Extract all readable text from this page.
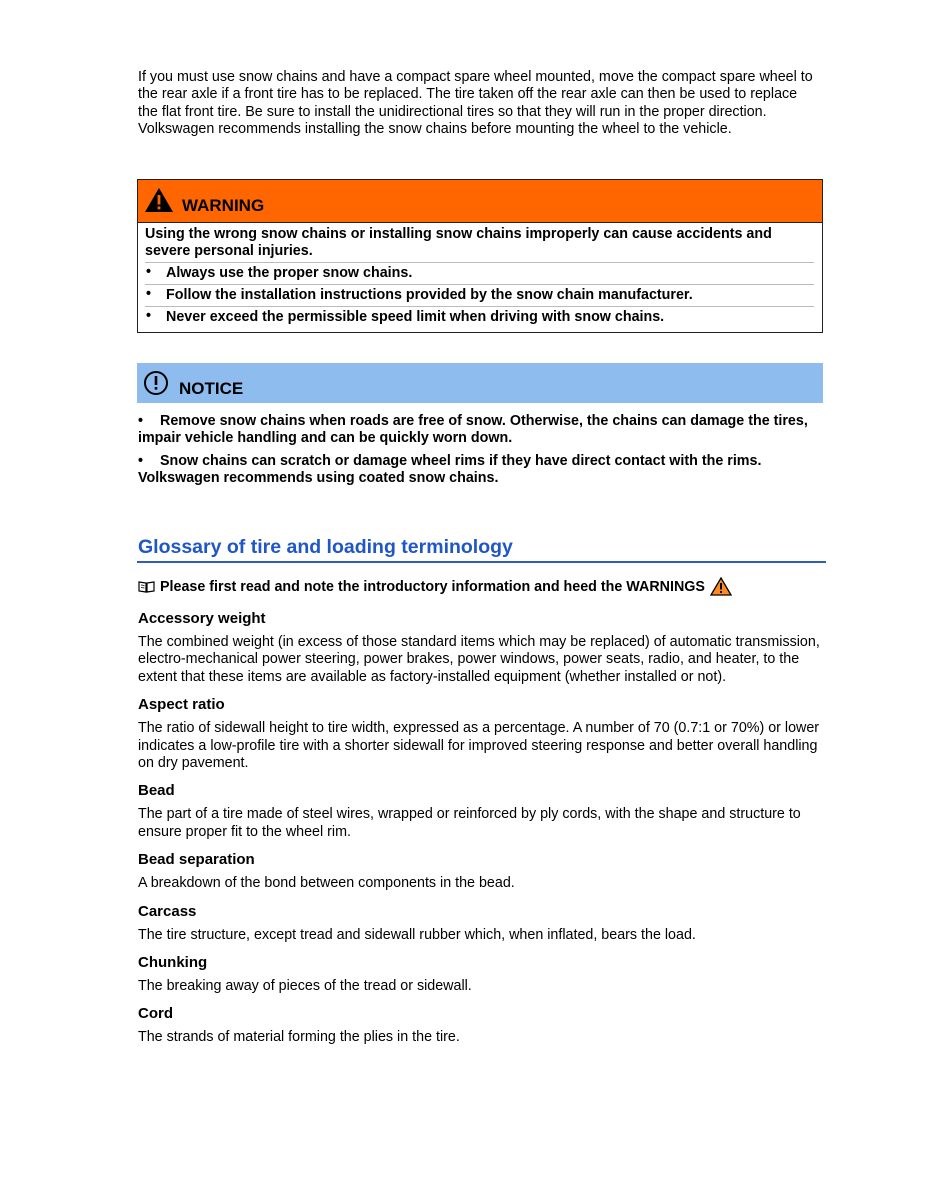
If you must use snow chains and have a compact spare wheel mounted, move the compact spare wheel to the rear axle if a front tire has to be replaced. The tire taken off the rear axle can then be used to replace the flat front tire. Be sure to install the unidirectional tires so that they will run in the proper direction. Volkswagen recommends installing the snow chains before mounting the wheel to the vehicle.
WARNING
Using the wrong snow chains or installing snow chains improperly can cause accidents and severe personal injuries.
• Always use the proper snow chains.
• Follow the installation instructions provided by the snow chain manufacturer.
• Never exceed the permissible speed limit when driving with snow chains.
NOTICE

• Remove snow chains when roads are free of snow. Otherwise, the chains can damage the tires, impair vehicle handling and can be quickly worn down.

• Snow chains can scratch or damage wheel rims if they have direct contact with the rims. Volkswagen recommends using coated snow chains.

Glossary of tire and loading terminology
Please first read and note the introductory information and heed the WARNINGS
Accessory weight

The combined weight (in excess of those standard items which may be replaced) of automatic transmission, electro-mechanical power steering, power brakes, power windows, power seats, radio, and heater, to the extent that these items are available as factory-installed equipment (whether installed or not).

Aspect ratio

The ratio of sidewall height to tire width, expressed as a percentage. A number of 70 (0.7:1 or 70%) or lower indicates a low-profile tire with a shorter sidewall for improved steering response and better overall handling on dry pavement.

Bead

The part of a tire made of steel wires, wrapped or reinforced by ply cords, with the shape and structure to ensure proper fit to the wheel rim.

Bead separation

A breakdown of the bond between components in the bead.

Carcass

The tire structure, except tread and sidewall rubber which, when inflated, bears the load.

Chunking

The breaking away of pieces of the tread or sidewall.

Cord

The strands of material forming the plies in the tire.
